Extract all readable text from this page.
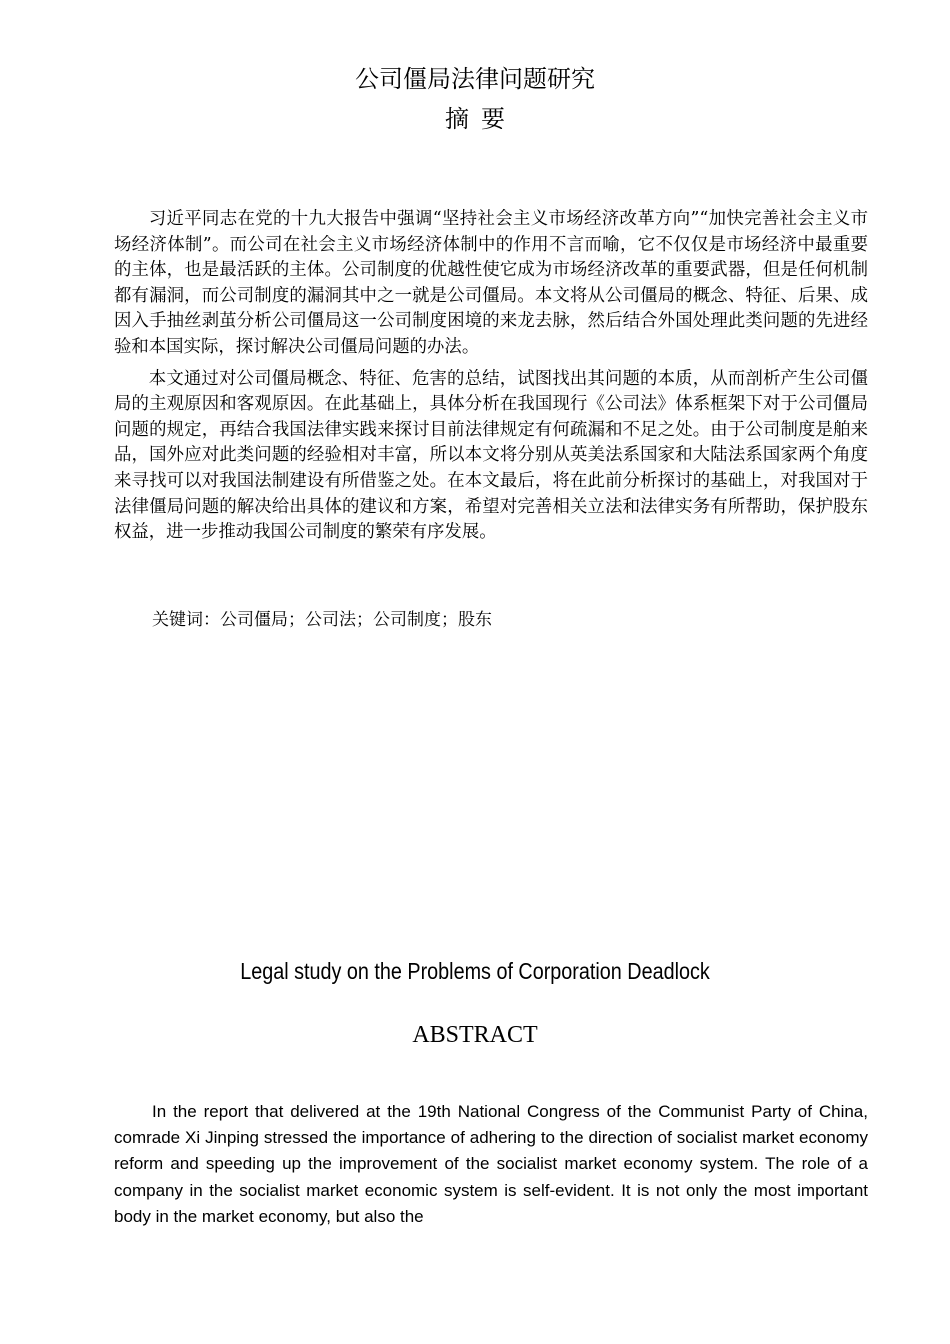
公司僵局法律问题研究
摘要

习近平同志在党的十九大报告中强调“坚持社会主义市场经济改革方向”“加快完善社会主义市场经济体制”。而公司在社会主义市场经济体制中的作用不言而喻，它不仅仅是市场经济中最重要的主体，也是最活跃的主体。公司制度的优越性使它成为市场经济改革的重要武器，但是任何机制都有漏洞，而公司制度的漏洞其中之一就是公司僵局。本文将从公司僵局的概念、特征、后果、成因入手抽丝剥茧分析公司僵局这一公司制度困境的来龙去脉，然后结合外国处理此类问题的先进经验和本国实际，探讨解决公司僵局问题的办法。

本文通过对公司僵局概念、特征、危害的总结，试图找出其问题的本质，从而剖析产生公司僵局的主观原因和客观原因。在此基础上，具体分析在我国现行《公司法》体系框架下对于公司僵局问题的规定，再结合我国法律实践来探讨目前法律规定有何疏漏和不足之处。由于公司制度是舶来品，国外应对此类问题的经验相对丰富，所以本文将分别从英美法系国家和大陆法系国家两个角度来寻找可以对我国法制建设有所借鉴之处。在本文最后，将在此前分析探讨的基础上，对我国对于法律僵局问题的解决给出具体的建议和方案，希望对完善相关立法和法律实务有所帮助，保护股东权益，进一步推动我国公司制度的繁荣有序发展。

关键词：公司僵局；公司法；公司制度；股东
Legal study on the Problems of Corporation Deadlock
ABSTRACT

In the report that delivered at the 19th National Congress of the Communist Party of China, comrade Xi Jinping stressed the importance of adhering to the direction of socialist market economy reform and speeding up the improvement of the socialist market economy system. The role of a company in the socialist market economic system is self-evident. It is not only the most important body in the market economy, but also the
